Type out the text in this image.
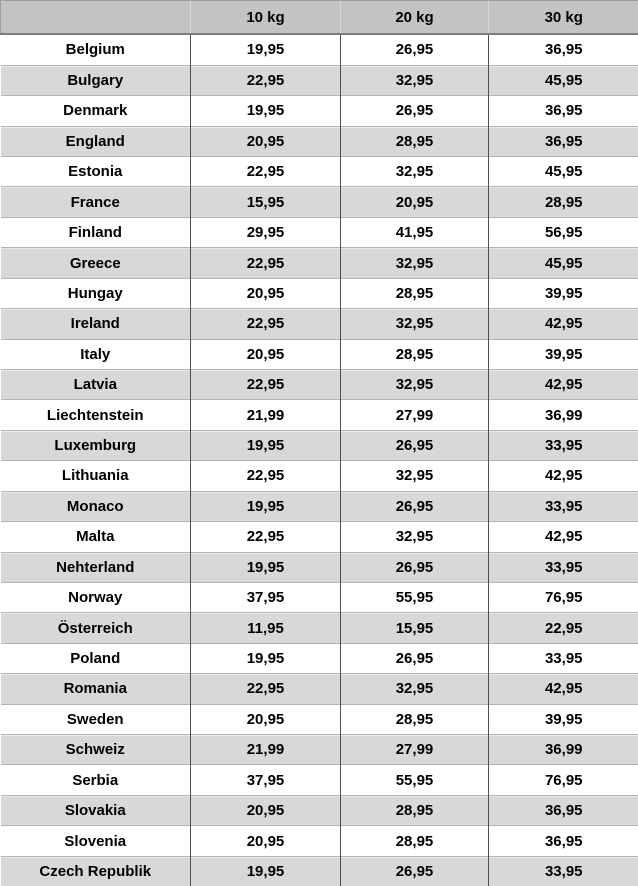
	10 kg	20 kg	30 kg
Belgium	19,95	26,95	36,95
Bulgary	22,95	32,95	45,95
Denmark	19,95	26,95	36,95
England	20,95	28,95	36,95
Estonia	22,95	32,95	45,95
France	15,95	20,95	28,95
Finland	29,95	41,95	56,95
Greece	22,95	32,95	45,95
Hungay	20,95	28,95	39,95
Ireland	22,95	32,95	42,95
Italy	20,95	28,95	39,95
Latvia	22,95	32,95	42,95
Liechtenstein	21,99	27,99	36,99
Luxemburg	19,95	26,95	33,95
Lithuania	22,95	32,95	42,95
Monaco	19,95	26,95	33,95
Malta	22,95	32,95	42,95
Nehterland	19,95	26,95	33,95
Norway	37,95	55,95	76,95
Österreich	11,95	15,95	22,95
Poland	19,95	26,95	33,95
Romania	22,95	32,95	42,95
Sweden	20,95	28,95	39,95
Schweiz	21,99	27,99	36,99
Serbia	37,95	55,95	76,95
Slovakia	20,95	28,95	36,95
Slovenia	20,95	28,95	36,95
Czech Republik	19,95	26,95	33,95
